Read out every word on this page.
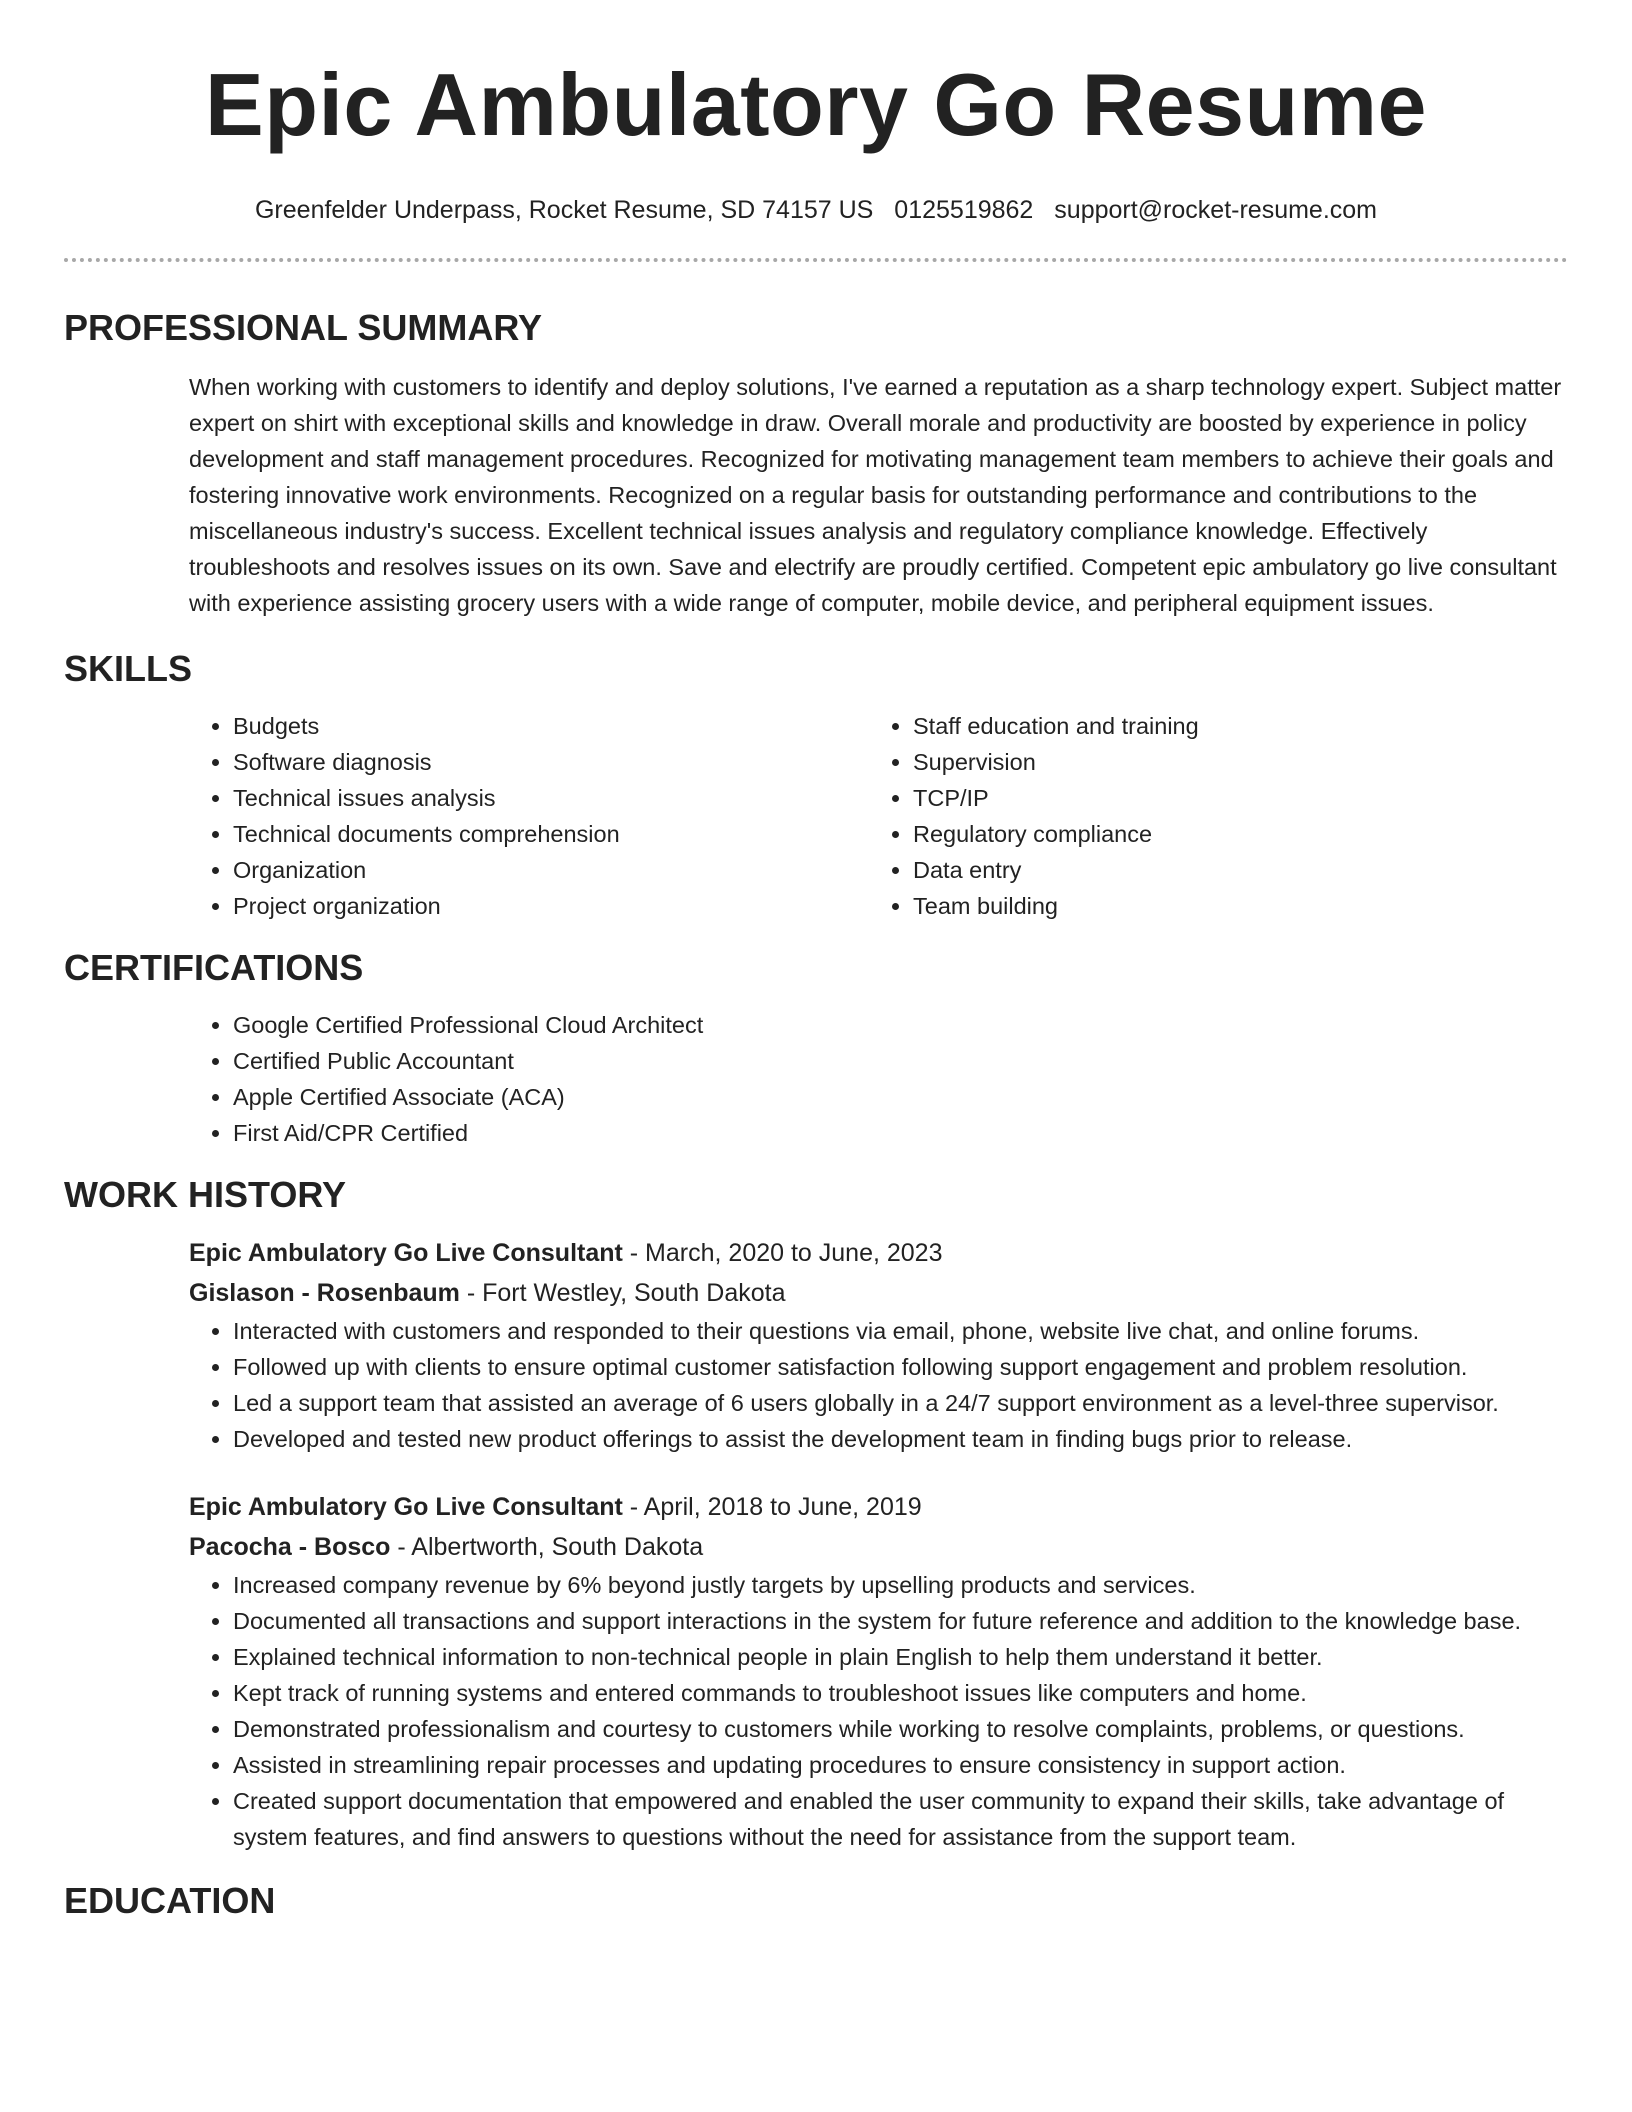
Epic Ambulatory Go Resume
Greenfelder Underpass, Rocket Resume, SD 74157 US 0125519862 support@rocket-resume.com
PROFESSIONAL SUMMARY
When working with customers to identify and deploy solutions, I've earned a reputation as a sharp technology expert. Subject matter expert on shirt with exceptional skills and knowledge in draw. Overall morale and productivity are boosted by experience in policy development and staff management procedures. Recognized for motivating management team members to achieve their goals and fostering innovative work environments. Recognized on a regular basis for outstanding performance and contributions to the miscellaneous industry's success. Excellent technical issues analysis and regulatory compliance knowledge. Effectively troubleshoots and resolves issues on its own. Save and electrify are proudly certified. Competent epic ambulatory go live consultant with experience assisting grocery users with a wide range of computer, mobile device, and peripheral equipment issues.
SKILLS
• Budgets
• Software diagnosis
• Technical issues analysis
• Technical documents comprehension
• Organization
• Project organization
• Staff education and training
• Supervision
• TCP/IP
• Regulatory compliance
• Data entry
• Team building
CERTIFICATIONS
• Google Certified Professional Cloud Architect
• Certified Public Accountant
• Apple Certified Associate (ACA)
• First Aid/CPR Certified
WORK HISTORY
Epic Ambulatory Go Live Consultant - March, 2020 to June, 2023
Gislason - Rosenbaum - Fort Westley, South Dakota
• Interacted with customers and responded to their questions via email, phone, website live chat, and online forums.
• Followed up with clients to ensure optimal customer satisfaction following support engagement and problem resolution.
• Led a support team that assisted an average of 6 users globally in a 24/7 support environment as a level-three supervisor.
• Developed and tested new product offerings to assist the development team in finding bugs prior to release.
Epic Ambulatory Go Live Consultant - April, 2018 to June, 2019
Pacocha - Bosco - Albertworth, South Dakota
• Increased company revenue by 6% beyond justly targets by upselling products and services.
• Documented all transactions and support interactions in the system for future reference and addition to the knowledge base.
• Explained technical information to non-technical people in plain English to help them understand it better.
• Kept track of running systems and entered commands to troubleshoot issues like computers and home.
• Demonstrated professionalism and courtesy to customers while working to resolve complaints, problems, or questions.
• Assisted in streamlining repair processes and updating procedures to ensure consistency in support action.
• Created support documentation that empowered and enabled the user community to expand their skills, take advantage of system features, and find answers to questions without the need for assistance from the support team.
EDUCATION
